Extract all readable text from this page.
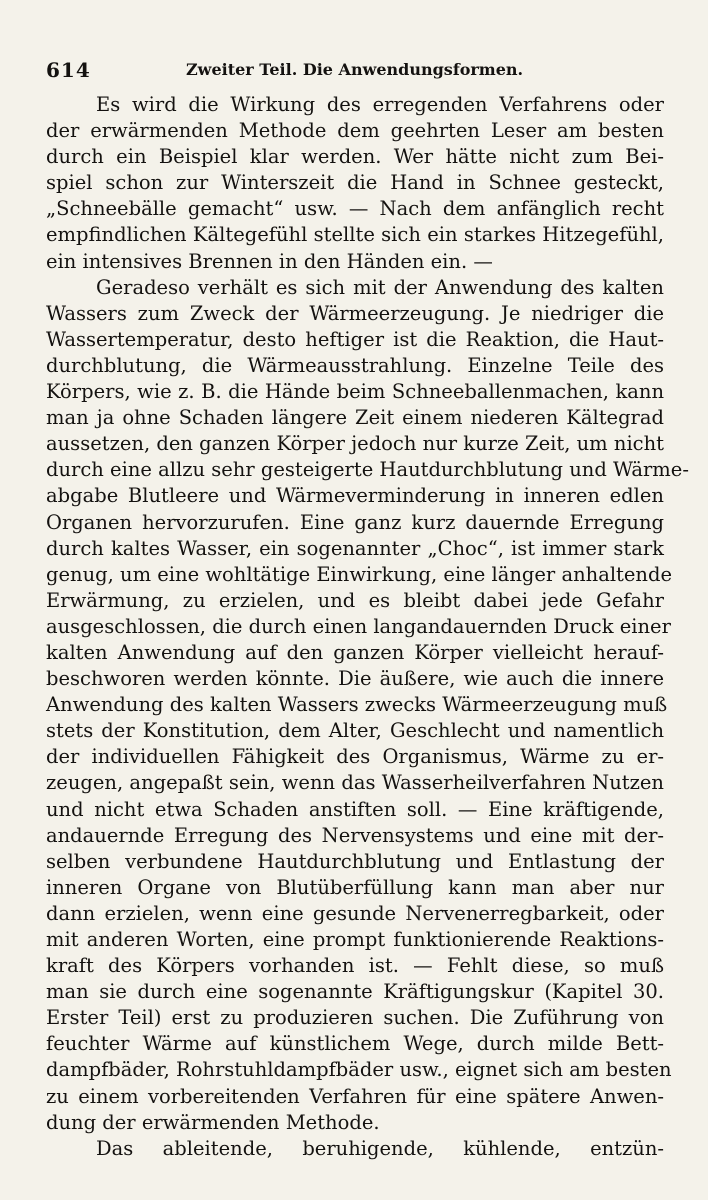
614	Zweiter Teil. Die Anwendungsformen.
Es wird die Wirkung des erregenden Verfahrens oder
der erwärmenden Methode dem geehrten Leser am besten
durch ein Beispiel klar werden. Wer hätte nicht zum Bei-
spiel schon zur Winterszeit die Hand in Schnee gesteckt,
„Schneebälle gemacht“ usw. — Nach dem anfänglich recht
empfindlichen Kältegefühl stellte sich ein starkes Hitzegefühl,
ein intensives Brennen in den Händen ein. —
Geradeso verhält es sich mit der Anwendung des kalten
Wassers zum Zweck der Wärmeerzeugung. Je niedriger die
Wassertemperatur, desto heftiger ist die Reaktion, die Haut-
durchblutung, die Wärmeausstrahlung. Einzelne Teile des
Körpers, wie z. B. die Hände beim Schneeballenmachen, kann
man ja ohne Schaden längere Zeit einem niederen Kältegrad
aussetzen, den ganzen Körper jedoch nur kurze Zeit, um nicht
durch eine allzu sehr gesteigerte Hautdurchblutung und Wärme-
abgabe Blutleere und Wärmeverminderung in inneren edlen
Organen hervorzurufen. Eine ganz kurz dauernde Erregung
durch kaltes Wasser, ein sogenannter „Choc“, ist immer stark
genug, um eine wohltätige Einwirkung, eine länger anhaltende
Erwärmung, zu erzielen, und es bleibt dabei jede Gefahr
ausgeschlossen, die durch einen langandauernden Druck einer
kalten Anwendung auf den ganzen Körper vielleicht herauf-
beschworen werden könnte. Die äußere, wie auch die innere
Anwendung des kalten Wassers zwecks Wärmeerzeugung muß
stets der Konstitution, dem Alter, Geschlecht und namentlich
der individuellen Fähigkeit des Organismus, Wärme zu er-
zeugen, angepaßt sein, wenn das Wasserheilverfahren Nutzen
und nicht etwa Schaden anstiften soll. — Eine kräftigende,
andauernde Erregung des Nervensystems und eine mit der-
selben verbundene Hautdurchblutung und Entlastung der
inneren Organe von Blutüberfüllung kann man aber nur
dann erzielen, wenn eine gesunde Nervenerregbarkeit, oder
mit anderen Worten, eine prompt funktionierende Reaktions-
kraft des Körpers vorhanden ist. — Fehlt diese, so muß
man sie durch eine sogenannte Kräftigungskur (Kapitel 30.
Erster Teil) erst zu produzieren suchen. Die Zuführung von
feuchter Wärme auf künstlichem Wege, durch milde Bett-
dampfbäder, Rohrstuhldampfbäder usw., eignet sich am besten
zu einem vorbereitenden Verfahren für eine spätere Anwen-
dung der erwärmenden Methode.
Das ableitende, beruhigende, kühlende, entzün-
